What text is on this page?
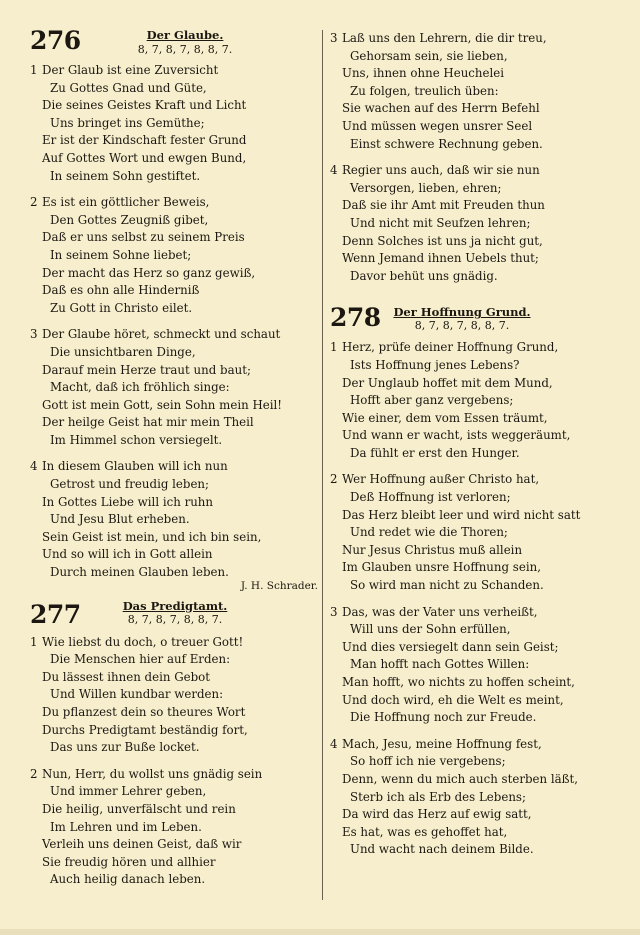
276	Der Glaube.
8, 7, 8, 7, 8, 8, 7.
1 Der Glaub ist eine Zuversicht
Zu Gottes Gnad und Güte,
Die seines Geistes Kraft und Licht
Uns bringet ins Gemüthe;
Er ist der Kindschaft fester Grund
Auf Gottes Wort und ewgen Bund,
In seinem Sohn gestiftet.
2 Es ist ein göttlicher Beweis,
Den Gottes Zeugniß gibet,
Daß er uns selbst zu seinem Preis
In seinem Sohne liebet;
Der macht das Herz so ganz gewiß,
Daß es ohn alle Hinderniß
Zu Gott in Christo eilet.
3 Der Glaube höret, schmeckt und schaut
Die unsichtbaren Dinge,
Darauf mein Herze traut und baut;
Macht, daß ich fröhlich singe:
Gott ist mein Gott, sein Sohn mein Heil!
Der heilge Geist hat mir mein Theil
Im Himmel schon versiegelt.
4 In diesem Glauben will ich nun
Getrost und freudig leben;
In Gottes Liebe will ich ruhn
Und Jesu Blut erheben.
Sein Geist ist mein, und ich bin sein,
Und so will ich in Gott allein
Durch meinen Glauben leben.
J. H. Schrader.
277	Das Predigtamt.
8, 7, 8, 7, 8, 8, 7.
1 Wie liebst du doch, o treuer Gott!
Die Menschen hier auf Erden:
Du lässest ihnen dein Gebot
Und Willen kundbar werden:
Du pflanzest dein so theures Wort
Durchs Predigtamt beständig fort,
Das uns zur Buße locket.
2 Nun, Herr, du wollst uns gnädig sein
Und immer Lehrer geben,
Die heilig, unverfälscht und rein
Im Lehren und im Leben.
Verleih uns deinen Geist, daß wir
Sie freudig hören und allhier
Auch heilig danach leben.
3 Laß uns den Lehrern, die dir treu,
Gehorsam sein, sie lieben,
Uns, ihnen ohne Heuchelei
Zu folgen, treulich üben:
Sie wachen auf des Herrn Befehl
Und müssen wegen unsrer Seel
Einst schwere Rechnung geben.
4 Regier uns auch, daß wir sie nun
Versorgen, lieben, ehren;
Daß sie ihr Amt mit Freuden thun
Und nicht mit Seufzen lehren;
Denn Solches ist uns ja nicht gut,
Wenn Jemand ihnen Uebels thut;
Davor behüt uns gnädig.
278 Der Hoffnung Grund.
8, 7, 8, 7, 8, 8, 7.
1 Herz, prüfe deiner Hoffnung Grund,
Ists Hoffnung jenes Lebens?
Der Unglaub hoffet mit dem Mund,
Hofft aber ganz vergebens;
Wie einer, dem vom Essen träumt,
Und wann er wacht, ists weggeräumt,
Da fühlt er erst den Hunger.
2 Wer Hoffnung außer Christo hat,
Deß Hoffnung ist verloren;
Das Herz bleibt leer und wird nicht satt
Und redet wie die Thoren;
Nur Jesus Christus muß allein
Im Glauben unsre Hoffnung sein,
So wird man nicht zu Schanden.
3 Das, was der Vater uns verheißt,
Will uns der Sohn erfüllen,
Und dies versiegelt dann sein Geist;
Man hofft nach Gottes Willen:
Man hofft, wo nichts zu hoffen scheint,
Und doch wird, eh die Welt es meint,
Die Hoffnung noch zur Freude.
4 Mach, Jesu, meine Hoffnung fest,
So hoff ich nie vergebens;
Denn, wenn du mich auch sterben läßt,
Sterb ich als Erb des Lebens;
Da wird das Herz auf ewig satt,
Es hat, was es gehoffet hat,
Und wacht nach deinem Bilde.
